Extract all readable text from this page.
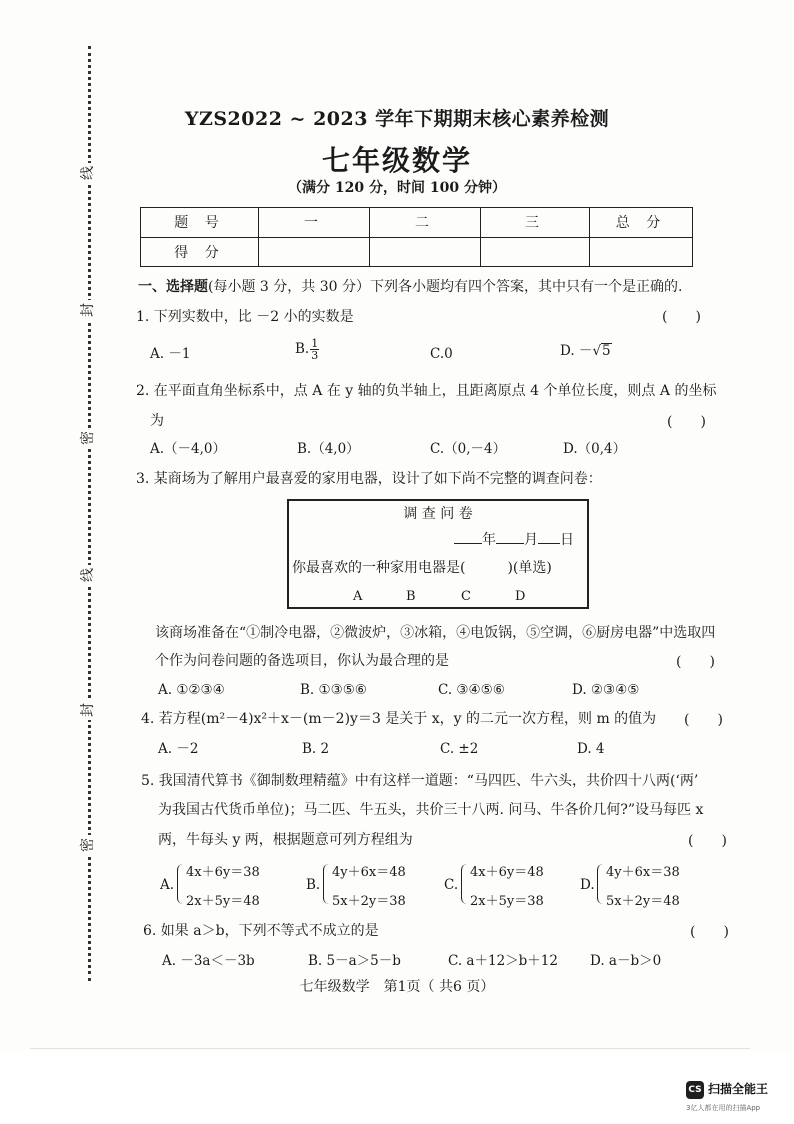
线
封
密
线
封
密
YZS2022 ~ 2023 学年下期期末核心素养检测
七年级数学
（满分 120 分，时间 100 分钟）
题 号	一	二	三	总 分
得 分				
一、选择题(每小题 3 分，共 30 分）下列各小题均有四个答案，其中只有一个是正确的.
1. 下列实数中，比 －2 小的实数是	(　　)
A. －1	B. $\frac{1}{3}$	C.0	D. －√5
2. 在平面直角坐标系中，点 A 在 y 轴的负半轴上，且距离原点 4 个单位长度，则点 A 的坐标
为	(　　)
A.（－4,0）	B.（4,0）	C.（0,－4）	D.（0,4）
3. 某商场为了解用户最喜爱的家用电器，设计了如下尚不完整的调查问卷：
调 查 问 卷
年 月 日
你最喜欢的一种家用电器是(　　　)(单选)
A	B	C	D
该商场准备在“①制冷电器，②微波炉，③冰箱，④电饭锅，⑤空调，⑥厨房电器”中选取四
个作为问卷问题的备选项目，你认为最合理的是	(　　)
A. ①②③④	B. ①③⑤⑥	C. ③④⑤⑥	D. ②③④⑤
4. 若方程(m²－4)x²＋x－(m－2)y＝3 是关于 x，y 的二元一次方程，则 m 的值为 (　　)
A. －2	B. 2	C. ±2	D. 4
5. 我国清代算书《御制数理精蕴》中有这样一道题：“马四匹、牛六头，共价四十八两(‘两’
为我国古代货币单位)；马二匹、牛五头，共价三十八两. 问马、牛各价几何?”设马每匹 x
两，牛每头 y 两，根据题意可列方程组为	(　　)
A.
4x＋6y＝38
2x＋5y＝48
B.
4y＋6x＝48
5x＋2y＝38
C.
4x＋6y＝48
2x＋5y＝38
D.
4y＋6x＝38
5x＋2y＝48
6. 如果 a＞b，下列不等式不成立的是	(　　)
A. －3a＜－3b	B. 5－a＞5－b	C. a＋12＞b＋12 D. a－b＞0
七年级数学　第1页（ 共6 页）
CS 扫描全能王
3亿人都在用的扫描App
